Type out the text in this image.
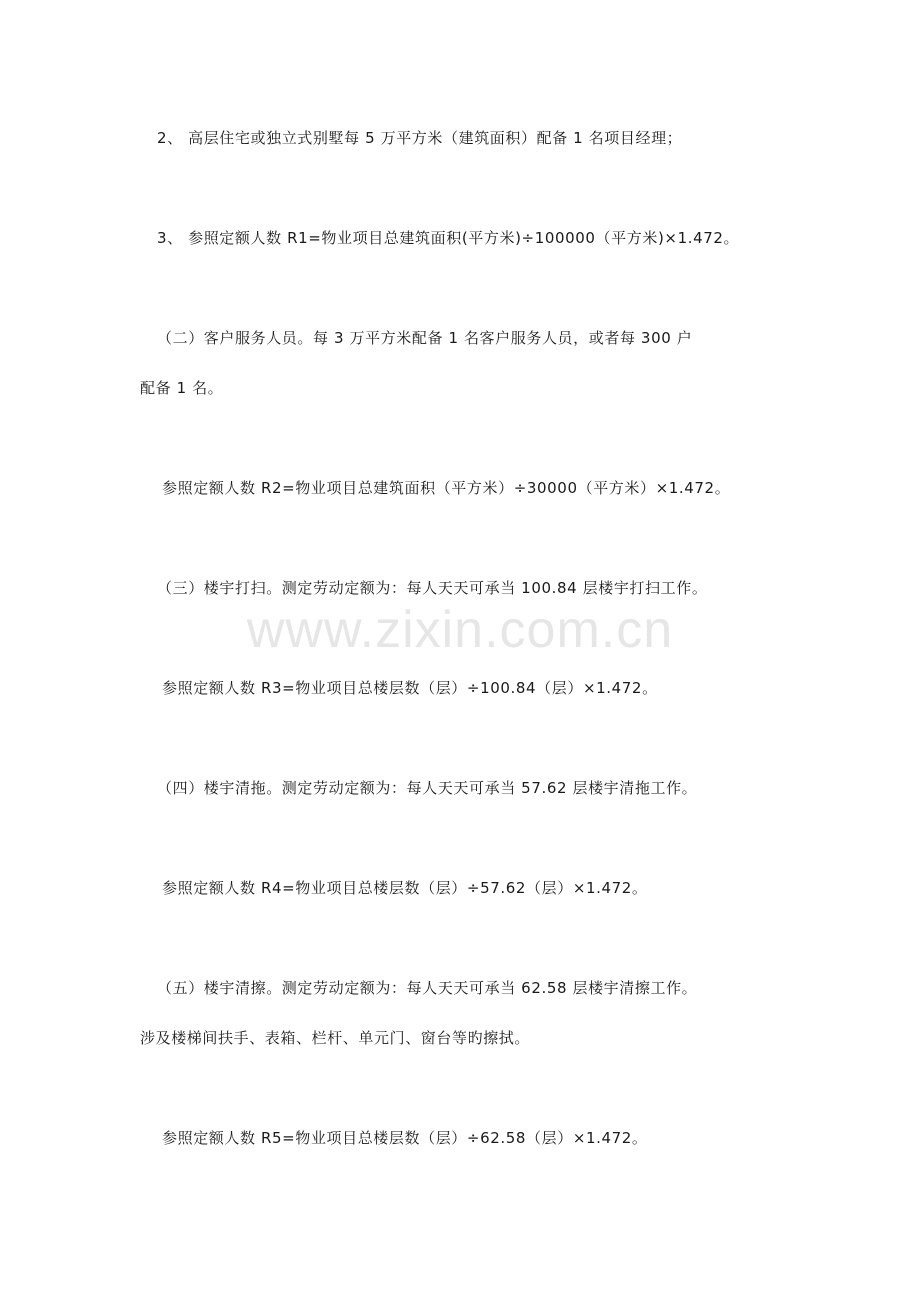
2、 高层住宅或独立式别墅每 5 万平方米（建筑面积）配备 1 名项目经理；
3、 参照定额人数 R1=物业项目总建筑面积(平方米)÷100000（平方米)×1.472。
（二）客户服务人员。每 3 万平方米配备 1 名客户服务人员，或者每 300 户
配备 1 名。
参照定额人数 R2=物业项目总建筑面积（平方米）÷30000（平方米）×1.472。
（三）楼宇打扫。测定劳动定额为：每人天天可承当 100.84 层楼宇打扫工作。
参照定额人数 R3=物业项目总楼层数（层）÷100.84（层）×1.472。
（四）楼宇清拖。测定劳动定额为：每人天天可承当 57.62 层楼宇清拖工作。
参照定额人数 R4=物业项目总楼层数（层）÷57.62（层）×1.472。
（五）楼宇清擦。测定劳动定额为：每人天天可承当 62.58 层楼宇清擦工作。
涉及楼梯间扶手、表箱、栏杆、单元门、窗台等旳擦拭。
参照定额人数 R5=物业项目总楼层数（层）÷62.58（层）×1.472。
www.zixin.com.cn
